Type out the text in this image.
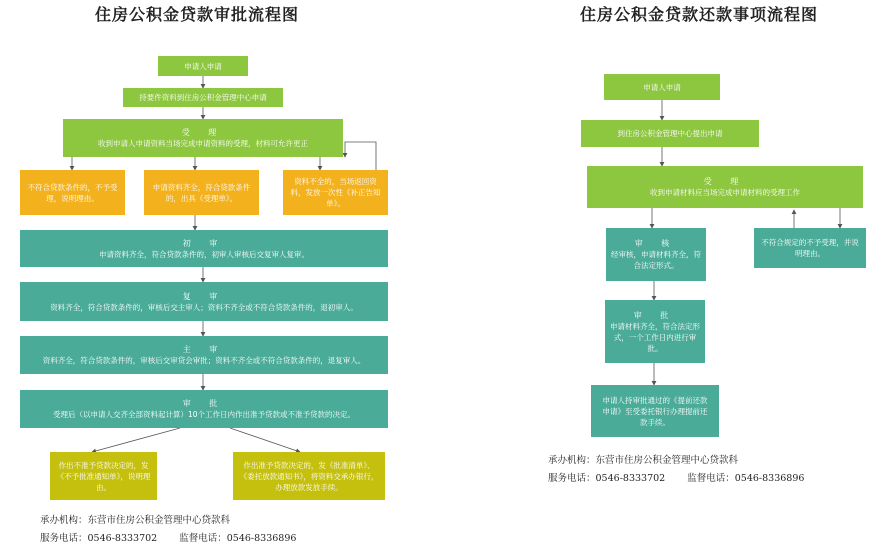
住房公积金贷款审批流程图	住房公积金贷款还款事项流程图
申请人申请
持要件资料到住房公积金管理中心申请
受 理
收到申请人申请资料当场完成申请资料的受理，材料可允许更正
不符合贷款条件的，不予受理，说明理由。
申请资料齐全，符合贷款条件的，出具《受理单》。
资料不全的，当场返回资料，发放一次性《补正告知单》。
初 审
申请资料齐全，符合贷款条件的，初审人审核后交复审人复审。
复 审
资料齐全，符合贷款条件的，审核后交主审人；资料不齐全或不符合贷款条件的，退初审人。
主 审
资料齐全，符合贷款条件的，审核后交审贷会审批；资料不齐全或不符合贷款条件的，退复审人。
审 批
受理后（以申请人交齐全部资料起计算）10个工作日内作出准予贷款或不准予贷款的决定。
作出不准予贷款决定的，发《不予批准通知单》，说明理由。
作出准予贷款决定的，发《批准清单》、《委托放款通知书》，将资料交承办银行，办理放款发放手续。
承办机构：东营市住房公积金管理中心贷款科
服务电话：0546-8333702 监督电话：0546-8336896
申请人申请
到住房公积金管理中心提出申请
受 理
收到申请材料应当场完成申请材料的受理工作
审 核
经审核，申请材料齐全，符合法定形式。
不符合规定的不予受理，并说明理由。
审 批
申请材料齐全，符合法定形式，一个工作日内进行审批。
申请人持审批通过的《提前还款申请》至受委托银行办理提前还款手续。
承办机构：东营市住房公积金管理中心贷款科
服务电话：0546-8333702 监督电话：0546-8336896
